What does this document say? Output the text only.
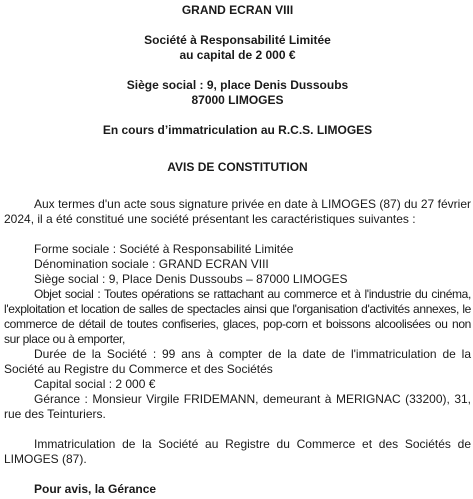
GRAND ECRAN VIII
Société à Responsabilité Limitée
au capital de 2 000 €
Siège social : 9, place Denis Dussoubs
87000 LIMOGES
En cours d’immatriculation au R.C.S. LIMOGES
AVIS DE CONSTITUTION

Aux termes d'un acte sous signature privée en date à LIMOGES (87) du 27 février 2024, il a été constitué une société présentant les caractéristiques suivantes :

Forme sociale : Société à Responsabilité Limitée

Dénomination sociale : GRAND ECRAN VIII

Siège social : 9, Place Denis Dussoubs – 87000 LIMOGES

Objet social : Toutes opérations se rattachant au commerce et à l'industrie du cinéma, l'exploitation et location de salles de spectacles ainsi que l'organisation d'activités annexes, le commerce de détail de toutes confiseries, glaces, pop-corn et boissons alcoolisées ou non sur place ou à emporter,

Durée de la Société : 99 ans à compter de la date de l'immatriculation de la Société au Registre du Commerce et des Sociétés

Capital social : 2 000 €

Gérance : Monsieur Virgile FRIDEMANN, demeurant à MERIGNAC (33200), 31, rue des Teinturiers.

Immatriculation de la Société au Registre du Commerce et des Sociétés de LIMOGES (87).

Pour avis, la Gérance
